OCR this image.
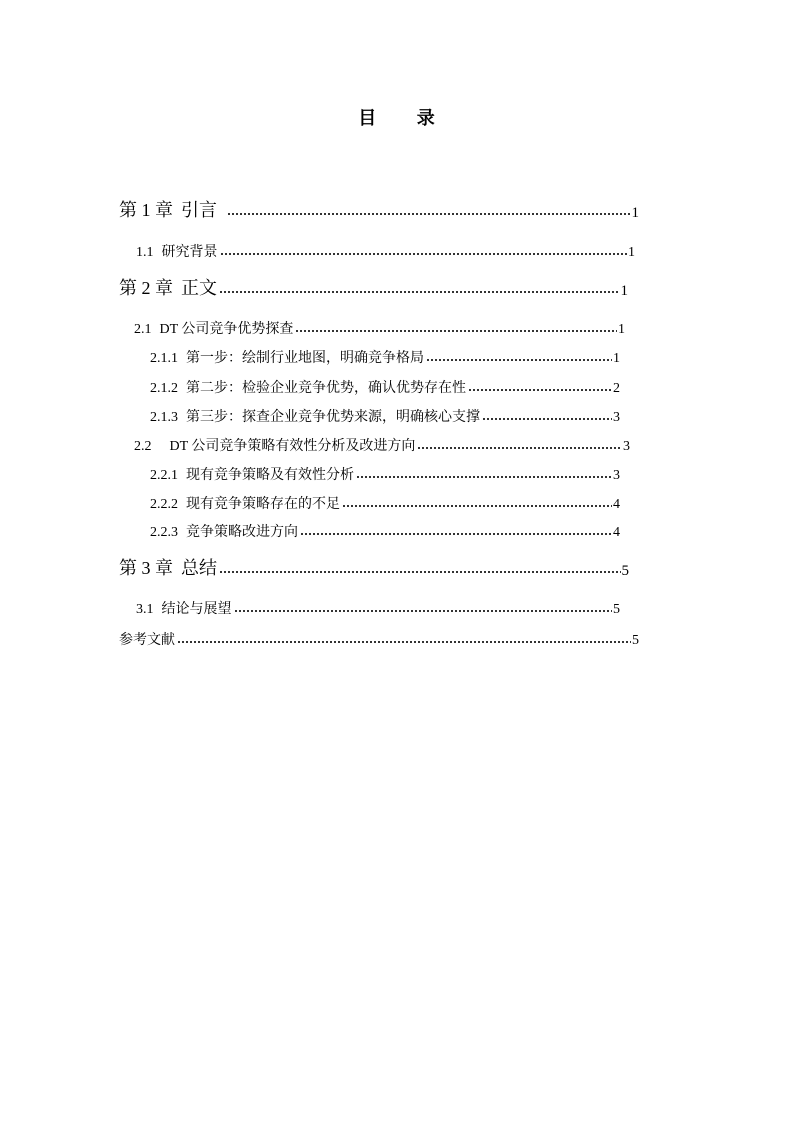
目 录
第 1 章 引言	1
1.1 研究背景	1
第 2 章 正文	1
2.1 DT 公司竞争优势探查	1
2.1.1 第一步：绘制行业地图，明确竞争格局	1
2.1.2 第二步：检验企业竞争优势，确认优势存在性	2
2.1.3 第三步：探查企业竞争优势来源，明确核心支撑	3
2.2 DT 公司竞争策略有效性分析及改进方向	3
2.2.1 现有竞争策略及有效性分析	3
2.2.2 现有竞争策略存在的不足	4
2.2.3 竞争策略改进方向	4
第 3 章 总结	5
3.1 结论与展望	5
参考文献	5
